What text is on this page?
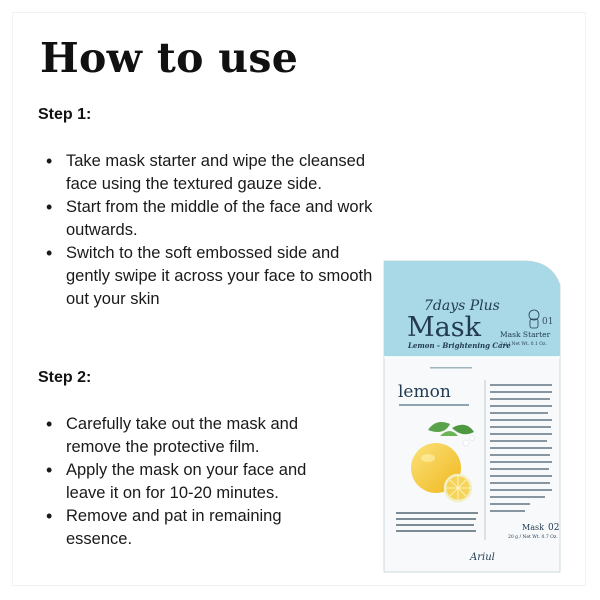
How to use
Step 1:
• Take mask starter and wipe the cleansed face using the textured gauze side.
• Start from the middle of the face and work outwards.
• Switch to the soft embossed side and gently swipe it across your face to smooth out your skin
Step 2:
• Carefully take out the mask and remove the protective film.
• Apply the mask on your face and leave it on for 10-20 minutes.
• Remove and pat in remaining essence.
7days Plus
Mask
Lemon - Brightening Care
Mask Starter
3 g / Net Wt. 0.1 Oz.
01
lemon
Mask
20 g / Net Wt. 0.7 Oz.
02
Ariul
